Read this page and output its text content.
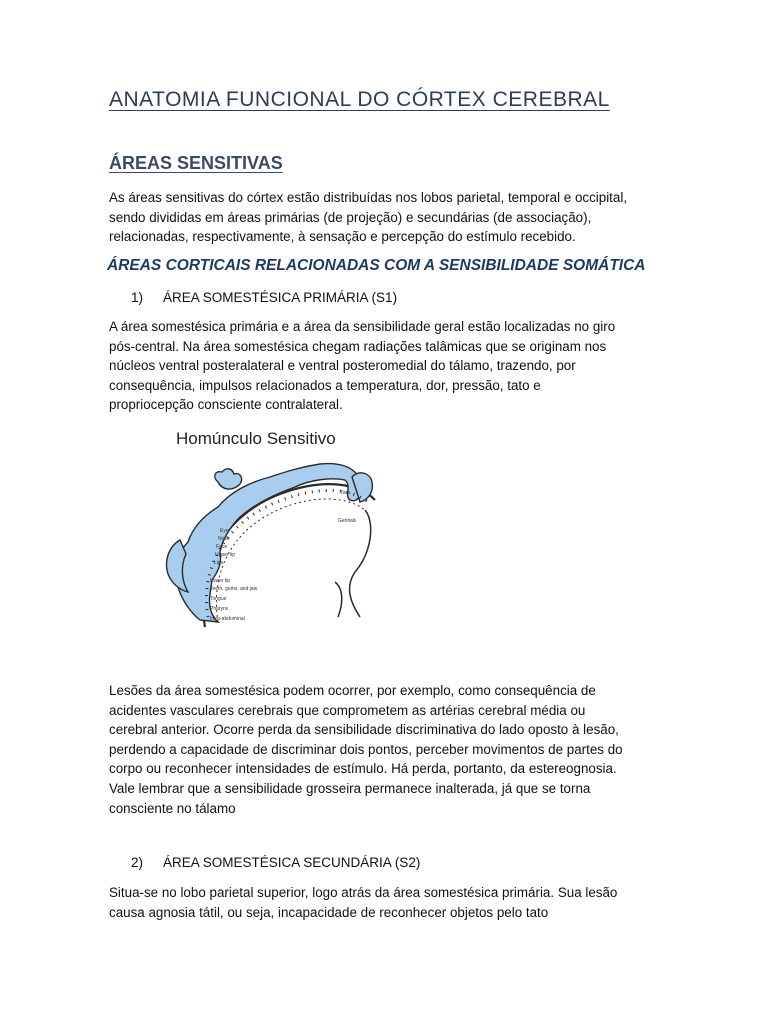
ANATOMIA FUNCIONAL DO CÓRTEX CEREBRAL
ÁREAS SENSITIVAS
As áreas sensitivas do córtex estão distribuídas nos lobos parietal, temporal e occipital,
sendo divididas em áreas primárias (de projeção) e secundárias (de associação),
relacionadas, respectivamente, à sensação e percepção do estímulo recebido.
ÁREAS CORTICAIS RELACIONADAS COM A SENSIBILIDADE SOMÁTICA
1) ÁREA SOMESTÉSICA PRIMÁRIA (S1)
A área somestésica primária e a área da sensibilidade geral estão localizadas no giro
pós-central. Na área somestésica chegam radiações talâmicas que se originam nos
núcleos ventral posteralateral e ventral posteromedial do tálamo, trazendo, por
consequência, impulsos relacionados a temperatura, dor, pressão, tato e
propriocepção consciente contralateral.
Homúnculo Sensitivo
Toes
Genitals
Eye
Nose
Face
Upper lip
Lips
Lower lip
Teeth, gums, and jaw
Tongue
Pharynx
Intra-abdominal
Lesões da área somestésica podem ocorrer, por exemplo, como consequência de
acidentes vasculares cerebrais que comprometem as artérias cerebral média ou
cerebral anterior. Ocorre perda da sensibilidade discriminativa do lado oposto à lesão,
perdendo a capacidade de discriminar dois pontos, perceber movimentos de partes do
corpo ou reconhecer intensidades de estímulo. Há perda, portanto, da estereognosia.
Vale lembrar que a sensibilidade grosseira permanece inalterada, já que se torna
consciente no tálamo
2) ÁREA SOMESTÉSICA SECUNDÁRIA (S2)
Situa-se no lobo parietal superior, logo atrás da área somestésica primária. Sua lesão
causa agnosia tátil, ou seja, incapacidade de reconhecer objetos pelo tato
